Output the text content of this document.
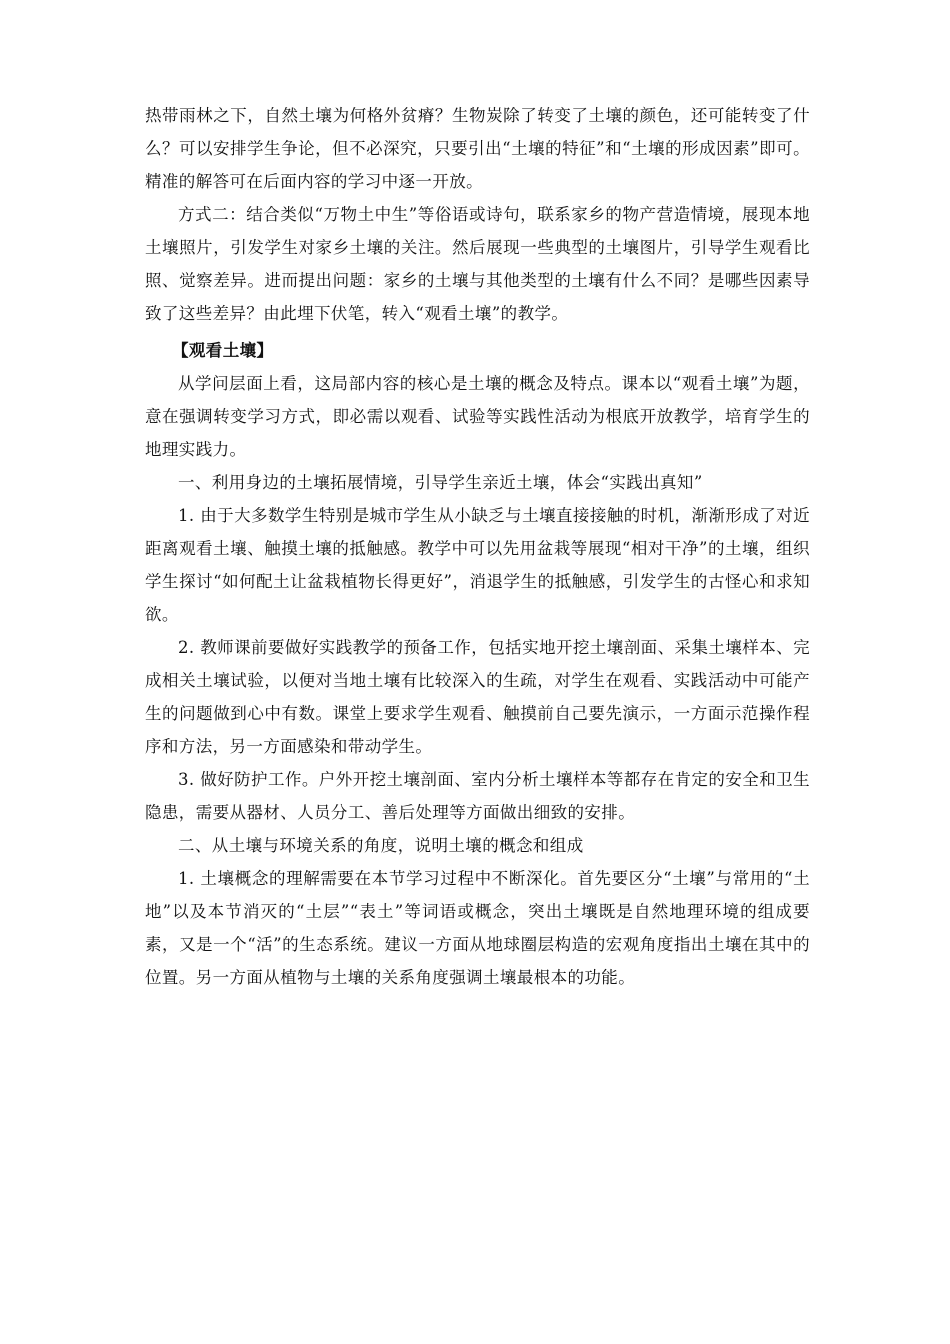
热带雨林之下，自然土壤为何格外贫瘠？生物炭除了转变了土壤的颜色，还可能转变了什么？可以安排学生争论，但不必深究，只要引出“土壤的特征”和“土壤的形成因素”即可。精准的解答可在后面内容的学习中逐一开放。

方式二：结合类似“万物土中生”等俗语或诗句，联系家乡的物产营造情境，展现本地土壤照片，引发学生对家乡土壤的关注。然后展现一些典型的土壤图片，引导学生观看比照、觉察差异。进而提出问题：家乡的土壤与其他类型的土壤有什么不同？是哪些因素导致了这些差异？由此埋下伏笔，转入“观看土壤”的教学。

【观看土壤】

从学问层面上看，这局部内容的核心是土壤的概念及特点。课本以“观看土壤”为题，意在强调转变学习方式，即必需以观看、试验等实践性活动为根底开放教学，培育学生的地理实践力。

一、利用身边的土壤拓展情境，引导学生亲近土壤，体会“实践出真知”

1. 由于大多数学生特别是城市学生从小缺乏与土壤直接接触的时机，渐渐形成了对近距离观看土壤、触摸土壤的抵触感。教学中可以先用盆栽等展现“相对干净”的土壤，组织学生探讨“如何配土让盆栽植物长得更好”，消退学生的抵触感，引发学生的古怪心和求知欲。

2. 教师课前要做好实践教学的预备工作，包括实地开挖土壤剖面、采集土壤样本、完成相关土壤试验，以便对当地土壤有比较深入的生疏，对学生在观看、实践活动中可能产生的问题做到心中有数。课堂上要求学生观看、触摸前自己要先演示，一方面示范操作程序和方法，另一方面感染和带动学生。

3. 做好防护工作。户外开挖土壤剖面、室内分析土壤样本等都存在肯定的安全和卫生隐患，需要从器材、人员分工、善后处理等方面做出细致的安排。

二、从土壤与环境关系的角度，说明土壤的概念和组成

1. 土壤概念的理解需要在本节学习过程中不断深化。首先要区分“土壤”与常用的“土地”以及本节消灭的“土层”“表土”等词语或概念，突出土壤既是自然地理环境的组成要素，又是一个“活”的生态系统。建议一方面从地球圈层构造的宏观角度指出土壤在其中的位置。另一方面从植物与土壤的关系角度强调土壤最根本的功能。
